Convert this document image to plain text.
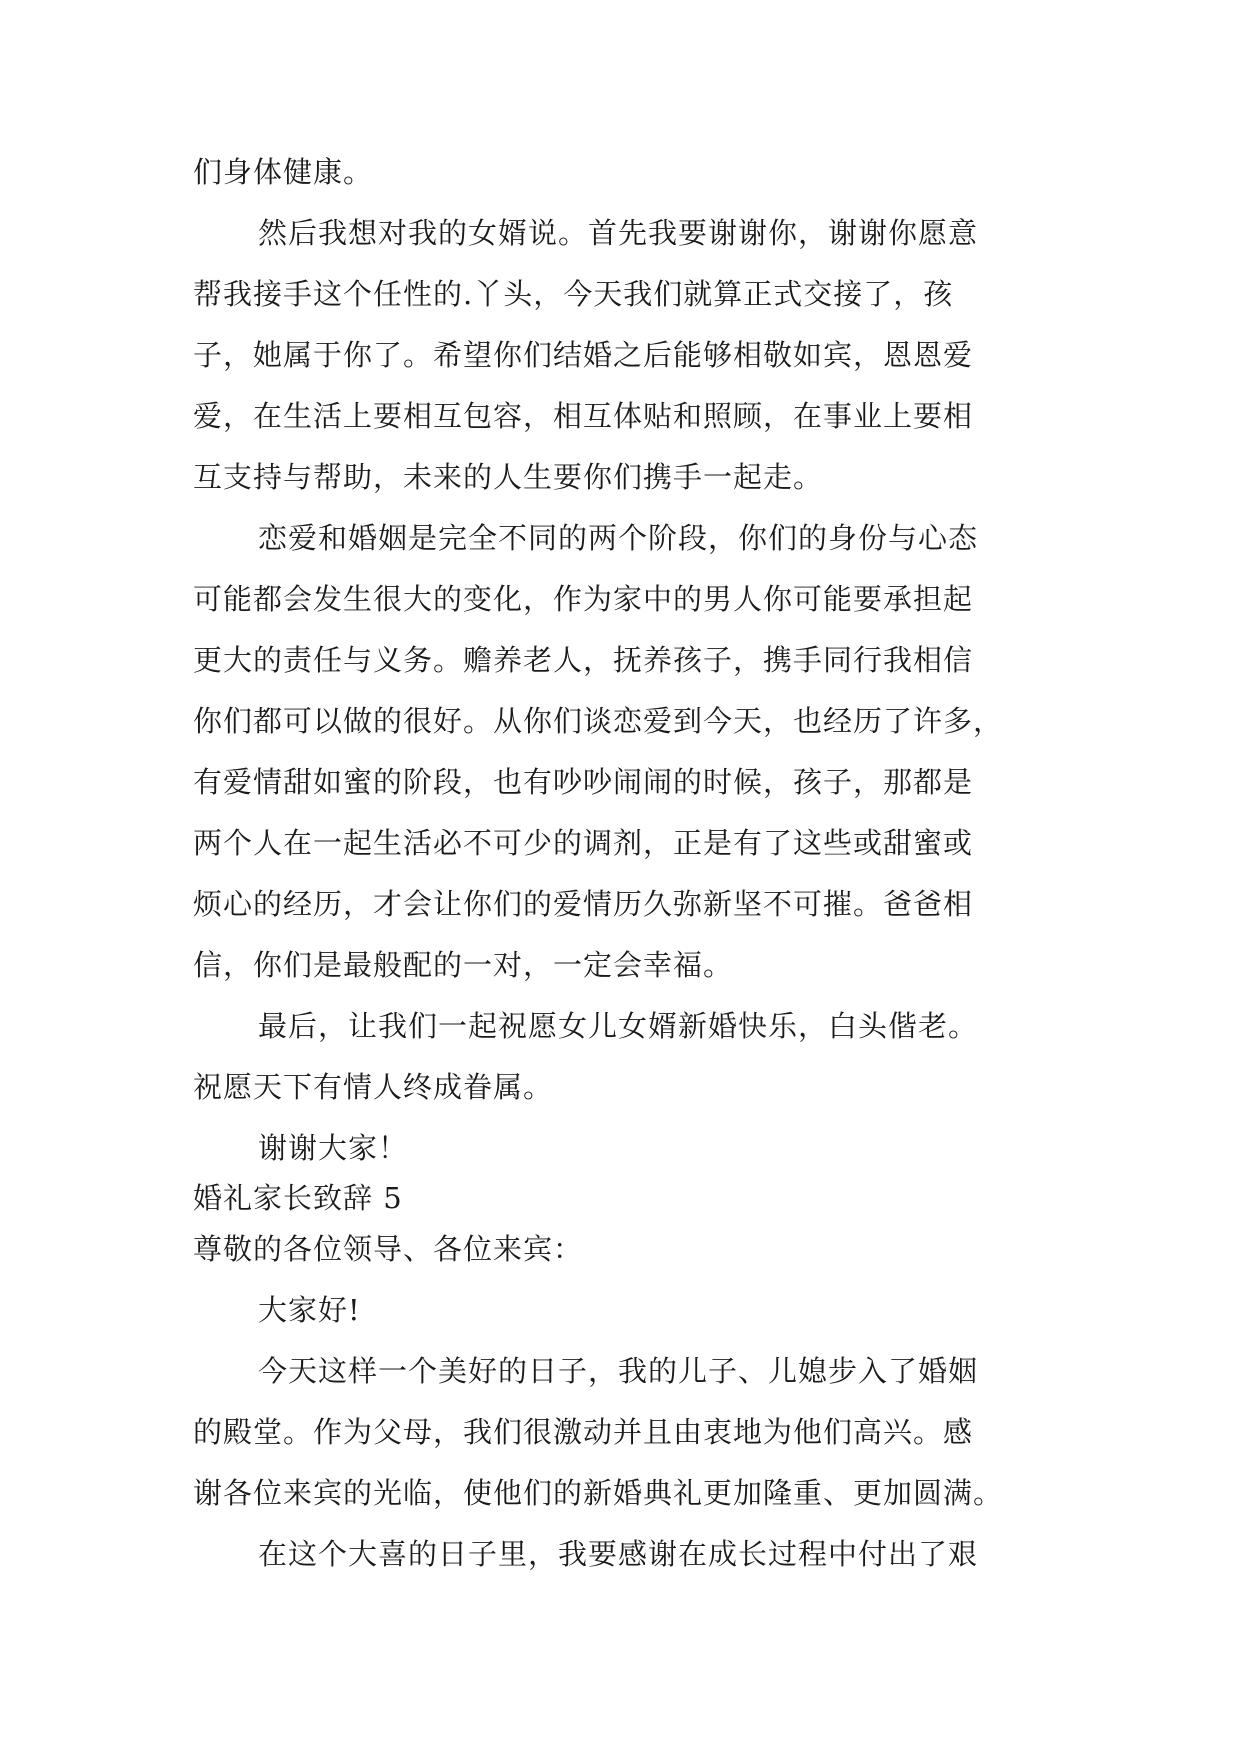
们身体健康。
然后我想对我的女婿说。首先我要谢谢你，谢谢你愿意
帮我接手这个任性的.丫头，今天我们就算正式交接了，孩
子，她属于你了。希望你们结婚之后能够相敬如宾，恩恩爱
爱，在生活上要相互包容，相互体贴和照顾，在事业上要相
互支持与帮助，未来的人生要你们携手一起走。
恋爱和婚姻是完全不同的两个阶段，你们的身份与心态
可能都会发生很大的变化，作为家中的男人你可能要承担起
更大的责任与义务。赡养老人，抚养孩子，携手同行我相信
你们都可以做的很好。从你们谈恋爱到今天，也经历了许多，
有爱情甜如蜜的阶段，也有吵吵闹闹的时候，孩子，那都是
两个人在一起生活必不可少的调剂，正是有了这些或甜蜜或
烦心的经历，才会让你们的爱情历久弥新坚不可摧。爸爸相
信，你们是最般配的一对，一定会幸福。
最后，让我们一起祝愿女儿女婿新婚快乐，白头偕老。
祝愿天下有情人终成眷属。
谢谢大家！
婚礼家长致辞 5
尊敬的各位领导、各位来宾：
大家好!
今天这样一个美好的日子，我的儿子、儿媳步入了婚姻
的殿堂。作为父母，我们很激动并且由衷地为他们高兴。感
谢各位来宾的光临，使他们的新婚典礼更加隆重、更加圆满。
在这个大喜的日子里，我要感谢在成长过程中付出了艰
